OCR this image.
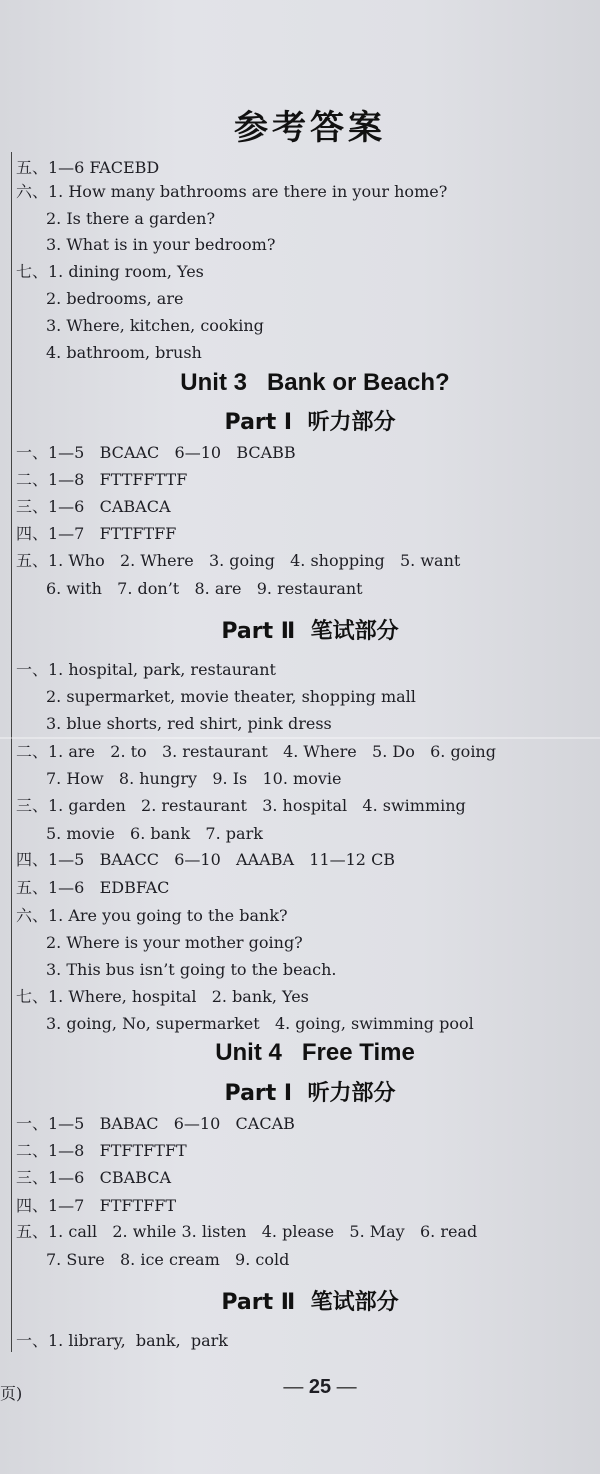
参考答案
五、1—6 FACEBD
六、1. How many bathrooms are there in your home?
2. Is there a garden?
3. What is in your bedroom?
七、1. dining room, Yes
2. bedrooms, are
3. Where, kitchen, cooking
4. bathroom, brush
Unit 3   Bank or Beach?
Part Ⅰ  听力部分
一、1—5   BCAAC   6—10   BCABB
二、1—8   FTTFFTTF
三、1—6   CABACA
四、1—7   FTTFTFF
五、1. Who   2. Where   3. going   4. shopping   5. want
6. with   7. don’t   8. are   9. restaurant
Part Ⅱ  笔试部分
一、1. hospital, park, restaurant
2. supermarket, movie theater, shopping mall
3. blue shorts, red shirt, pink dress
二、1. are   2. to   3. restaurant   4. Where   5. Do   6. going
7. How   8. hungry   9. Is   10. movie
三、1. garden   2. restaurant   3. hospital   4. swimming
5. movie   6. bank   7. park
四、1—5   BAACC   6—10   AAABA   11—12 CB
五、1—6   EDBFAC
六、1. Are you going to the bank?
2. Where is your mother going?
3. This bus isn’t going to the beach.
七、1. Where, hospital   2. bank, Yes
3. going, No, supermarket   4. going, swimming pool
Unit 4   Free Time
Part Ⅰ  听力部分
一、1—5   BABAC   6—10   CACAB
二、1—8   FTFTFTFT
三、1—6   CBABCA
四、1—7   FTFTFFT
五、1. call   2. while 3. listen   4. please   5. May   6. read
7. Sure   8. ice cream   9. cold
Part Ⅱ  笔试部分
一、1. library,  bank,  park
页)	— 25 —
